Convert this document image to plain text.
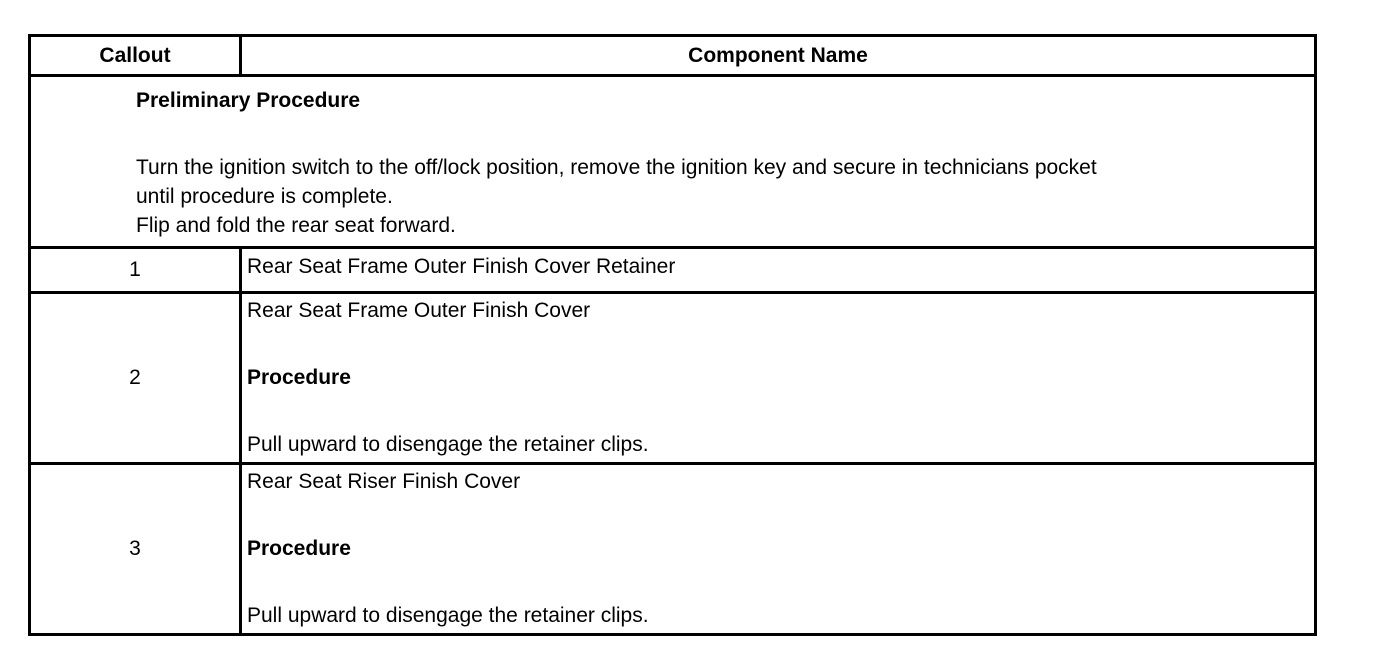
Callout	Component Name

Preliminary Procedure
Turn the ignition switch to the off/lock position, remove the ignition key and secure in technicians pocket
until procedure is complete.
Flip and fold the rear seat forward.	

1	Rear Seat Frame Outer Finish Cover Retainer
2	Rear Seat Frame Outer Finish Cover
Procedure
Pull upward to disengage the retainer clips.

3	Rear Seat Riser Finish Cover
Procedure
Pull upward to disengage the retainer clips.
